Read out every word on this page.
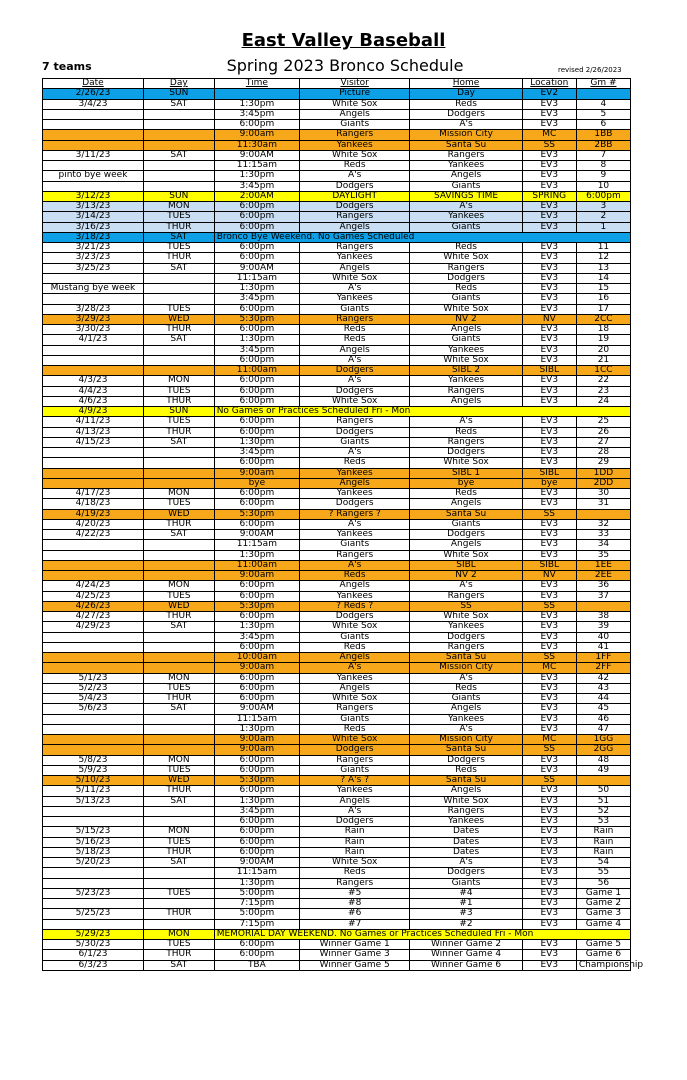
East Valley Baseball
7 teams	Spring 2023 Bronco Schedule	revised 2/26/2023
Date	Day	Time	Visitor	Home	Location	Gm #
2/26/23	SUN		Picture	Day	EV2	
3/4/23	SAT	1:30pm	White Sox	Reds	EV3	4
		3:45pm	Angels	Dodgers	EV3	5
		6:00pm	Giants	A's	EV3	6
		9:00am	Rangers	Mission City	MC	1BB
		11:30am	Yankees	Santa Su	SS	2BB
3/11/23	SAT	9:00AM	White Sox	Rangers	EV3	7
		11:15am	Reds	Yankees	EV3	8
pinto bye week		1:30pm	A's	Angels	EV3	9
		3:45pm	Dodgers	Giants	EV3	10
3/12/23	SUN	2:00AM	DAYLIGHT	SAVINGS TIME	SPRING	6:00pm
3/13/23	MON	6:00pm	Dodgers	A's	EV3	3
3/14/23	TUES	6:00pm	Rangers	Yankees	EV3	2
3/16/23	THUR	6:00pm	Angels	Giants	EV3	1
3/18/23	SAT	Bronco Bye Weekend. No Games Scheduled				
3/21/23	TUES	6:00pm	Rangers	Reds	EV3	11
3/23/23	THUR	6:00pm	Yankees	White Sox	EV3	12
3/25/23	SAT	9:00AM	Angels	Rangers	EV3	13
		11:15am	White Sox	Dodgers	EV3	14
Mustang bye week		1:30pm	A's	Reds	EV3	15
		3:45pm	Yankees	Giants	EV3	16
3/28/23	TUES	6:00pm	Giants	White Sox	EV3	17
3/29/23	WED	5:30pm	Rangers	NV 2	NV	2CC
3/30/23	THUR	6:00pm	Reds	Angels	EV3	18
4/1/23	SAT	1:30pm	Reds	Giants	EV3	19
		3:45pm	Angels	Yankees	EV3	20
		6:00pm	A's	White Sox	EV3	21
		11:00am	Dodgers	SIBL 2	SIBL	1CC
4/3/23	MON	6:00pm	A's	Yankees	EV3	22
4/4/23	TUES	6:00pm	Dodgers	Rangers	EV3	23
4/6/23	THUR	6:00pm	White Sox	Angels	EV3	24
4/9/23	SUN	No Games or Practices Scheduled Fri - Mon				
4/11/23	TUES	6:00pm	Rangers	A's	EV3	25
4/13/23	THUR	6:00pm	Dodgers	Reds	EV3	26
4/15/23	SAT	1:30pm	Giants	Rangers	EV3	27
		3:45pm	A's	Dodgers	EV3	28
		6:00pm	Reds	White Sox	EV3	29
		9:00am	Yankees	SIBL 1	SIBL	1DD
		bye	Angels	bye	bye	2DD
4/17/23	MON	6:00pm	Yankees	Reds	EV3	30
4/18/23	TUES	6:00pm	Dodgers	Angels	EV3	31
4/19/23	WED	5:30pm	? Rangers ?	Santa Su	SS	
4/20/23	THUR	6:00pm	A's	Giants	EV3	32
4/22/23	SAT	9:00AM	Yankees	Dodgers	EV3	33
		11:15am	Giants	Angels	EV3	34
		1:30pm	Rangers	White Sox	EV3	35
		11:00am	A's	SIBL	SIBL	1EE
		9:00am	Reds	NV 2	NV	2EE
4/24/23	MON	6:00pm	Angels	A's	EV3	36
4/25/23	TUES	6:00pm	Yankees	Rangers	EV3	37
4/26/23	WED	5:30pm	? Reds ?	SS	SS	
4/27/23	THUR	6:00pm	Dodgers	White Sox	EV3	38
4/29/23	SAT	1:30pm	White Sox	Yankees	EV3	39
		3:45pm	Giants	Dodgers	EV3	40
		6:00pm	Reds	Rangers	EV3	41
		10:00am	Angels	Santa Su	SS	1FF
		9:00am	A's	Mission City	MC	2FF
5/1/23	MON	6:00pm	Yankees	A's	EV3	42
5/2/23	TUES	6:00pm	Angels	Reds	EV3	43
5/4/23	THUR	6:00pm	White Sox	Giants	EV3	44
5/6/23	SAT	9:00AM	Rangers	Angels	EV3	45
		11:15am	Giants	Yankees	EV3	46
		1:30pm	Reds	A's	EV3	47
		9:00am	White Sox	Mission City	MC	1GG
		9:00am	Dodgers	Santa Su	SS	2GG
5/8/23	MON	6:00pm	Rangers	Dodgers	EV3	48
5/9/23	TUES	6:00pm	Giants	Reds	EV3	49
5/10/23	WED	5:30pm	? A's ?	Santa Su	SS	
5/11/23	THUR	6:00pm	Yankees	Angels	EV3	50
5/13/23	SAT	1:30pm	Angels	White Sox	EV3	51
		3:45pm	A's	Rangers	EV3	52
		6:00pm	Dodgers	Yankees	EV3	53
5/15/23	MON	6:00pm	Rain	Dates	EV3	Rain
5/16/23	TUES	6:00pm	Rain	Dates	EV3	Rain
5/18/23	THUR	6:00pm	Rain	Dates	EV3	Rain
5/20/23	SAT	9:00AM	White Sox	A's	EV3	54
		11:15am	Reds	Dodgers	EV3	55
		1:30pm	Rangers	Giants	EV3	56
5/23/23	TUES	5:00pm	#5	#4	EV3	Game 1
		7:15pm	#8	#1	EV3	Game 2
5/25/23	THUR	5:00pm	#6	#3	EV3	Game 3
		7:15pm	#7	#2	EV3	Game 4
5/29/23	MON	MEMORIAL DAY WEEKEND. No Games or Practices Scheduled Fri - Mon				
5/30/23	TUES	6:00pm	Winner Game 1	Winner Game 2	EV3	Game 5
6/1/23	THUR	6:00pm	Winner Game 3	Winner Game 4	EV3	Game 6
6/3/23	SAT	TBA	Winner Game 5	Winner Game 6	EV3	Championship
